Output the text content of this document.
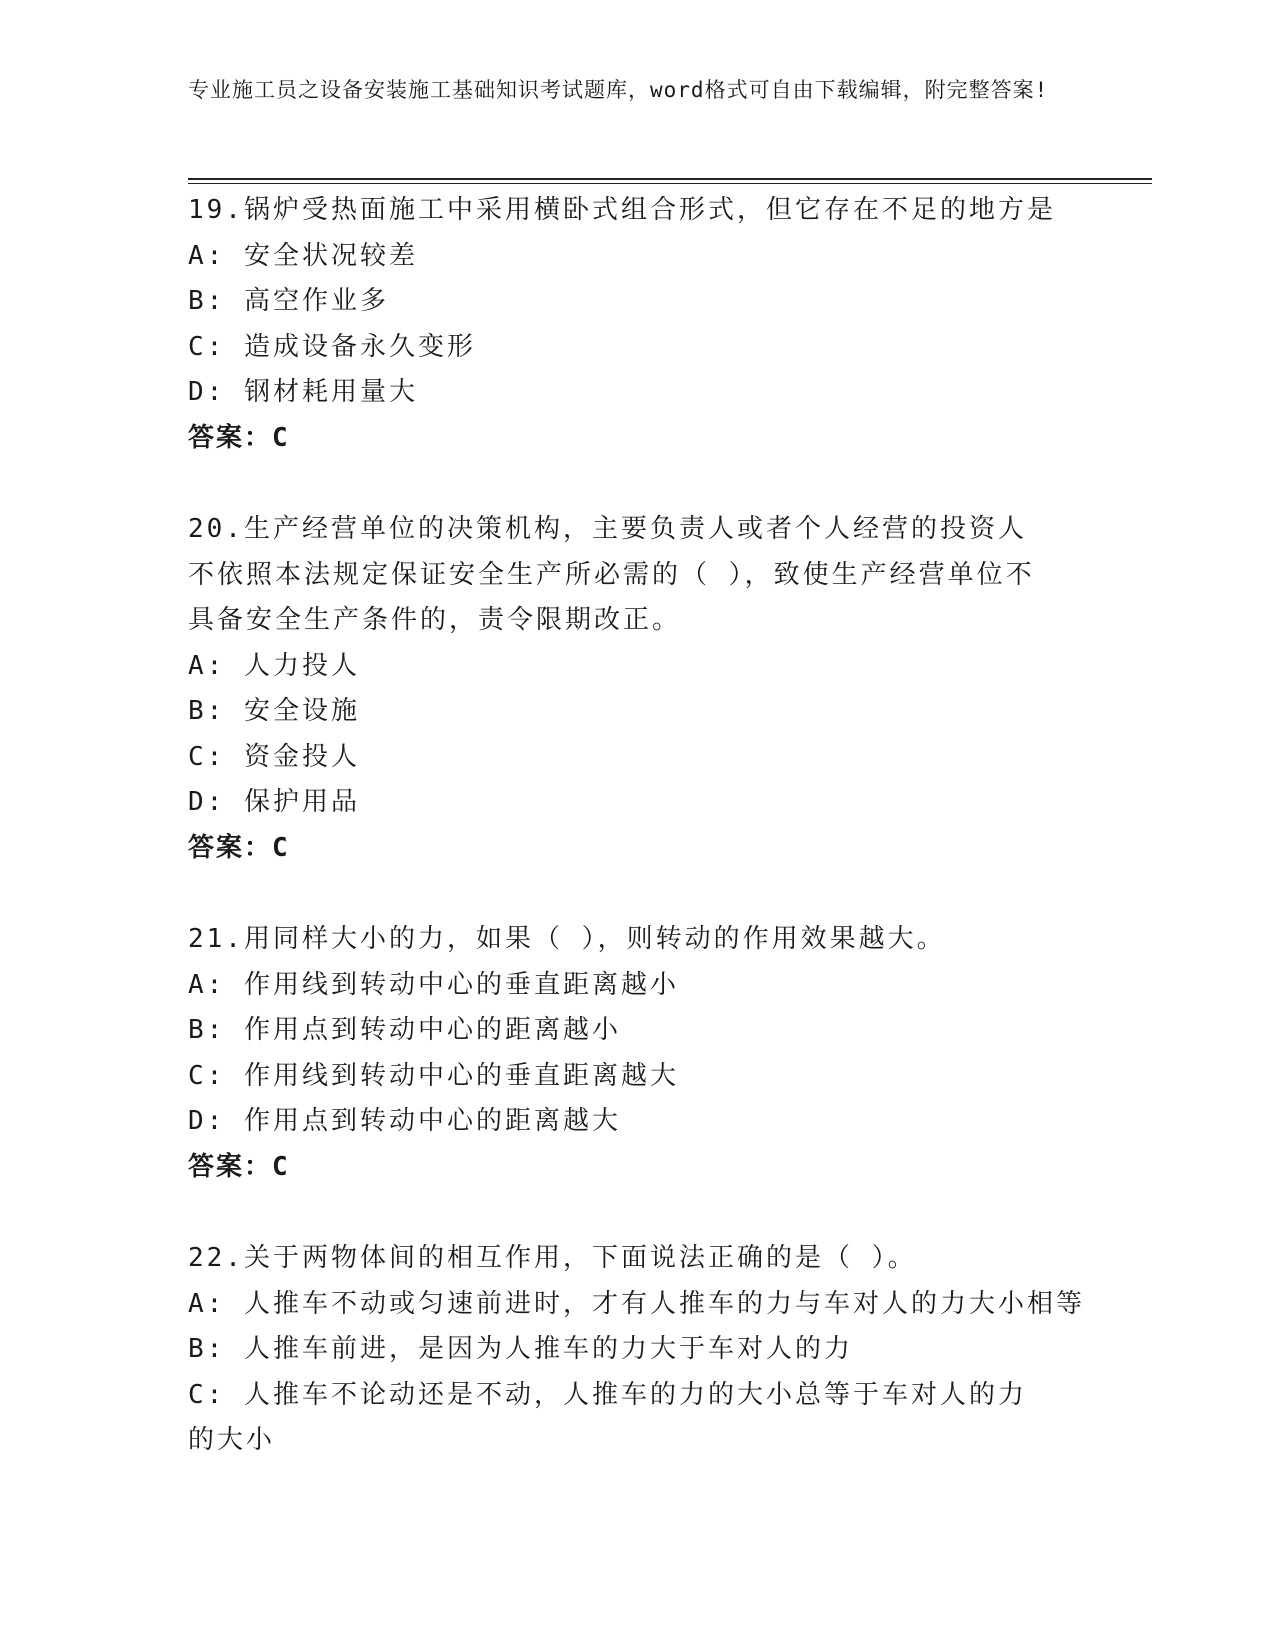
专业施工员之设备安装施工基础知识考试题库，word格式可自由下载编辑，附完整答案!
19.锅炉受热面施工中采用横卧式组合形式，但它存在不足的地方是
A: 安全状况较差
B: 高空作业多
C: 造成设备永久变形
D: 钢材耗用量大
答案：C
20.生产经营单位的决策机构，主要负责人或者个人经营的投资人不依照本法规定保证安全生产所必需的（ ），致使生产经营单位不具备安全生产条件的，责令限期改正。
A: 人力投人
B: 安全设施
C: 资金投人
D: 保护用品
答案：C
21.用同样大小的力，如果（ ），则转动的作用效果越大。
A: 作用线到转动中心的垂直距离越小
B: 作用点到转动中心的距离越小
C: 作用线到转动中心的垂直距离越大
D: 作用点到转动中心的距离越大
答案：C
22.关于两物体间的相互作用，下面说法正确的是（ ）。
A: 人推车不动或匀速前进时，才有人推车的力与车对人的力大小相等
B: 人推车前进，是因为人推车的力大于车对人的力
C: 人推车不论动还是不动，人推车的力的大小总等于车对人的力的大小
